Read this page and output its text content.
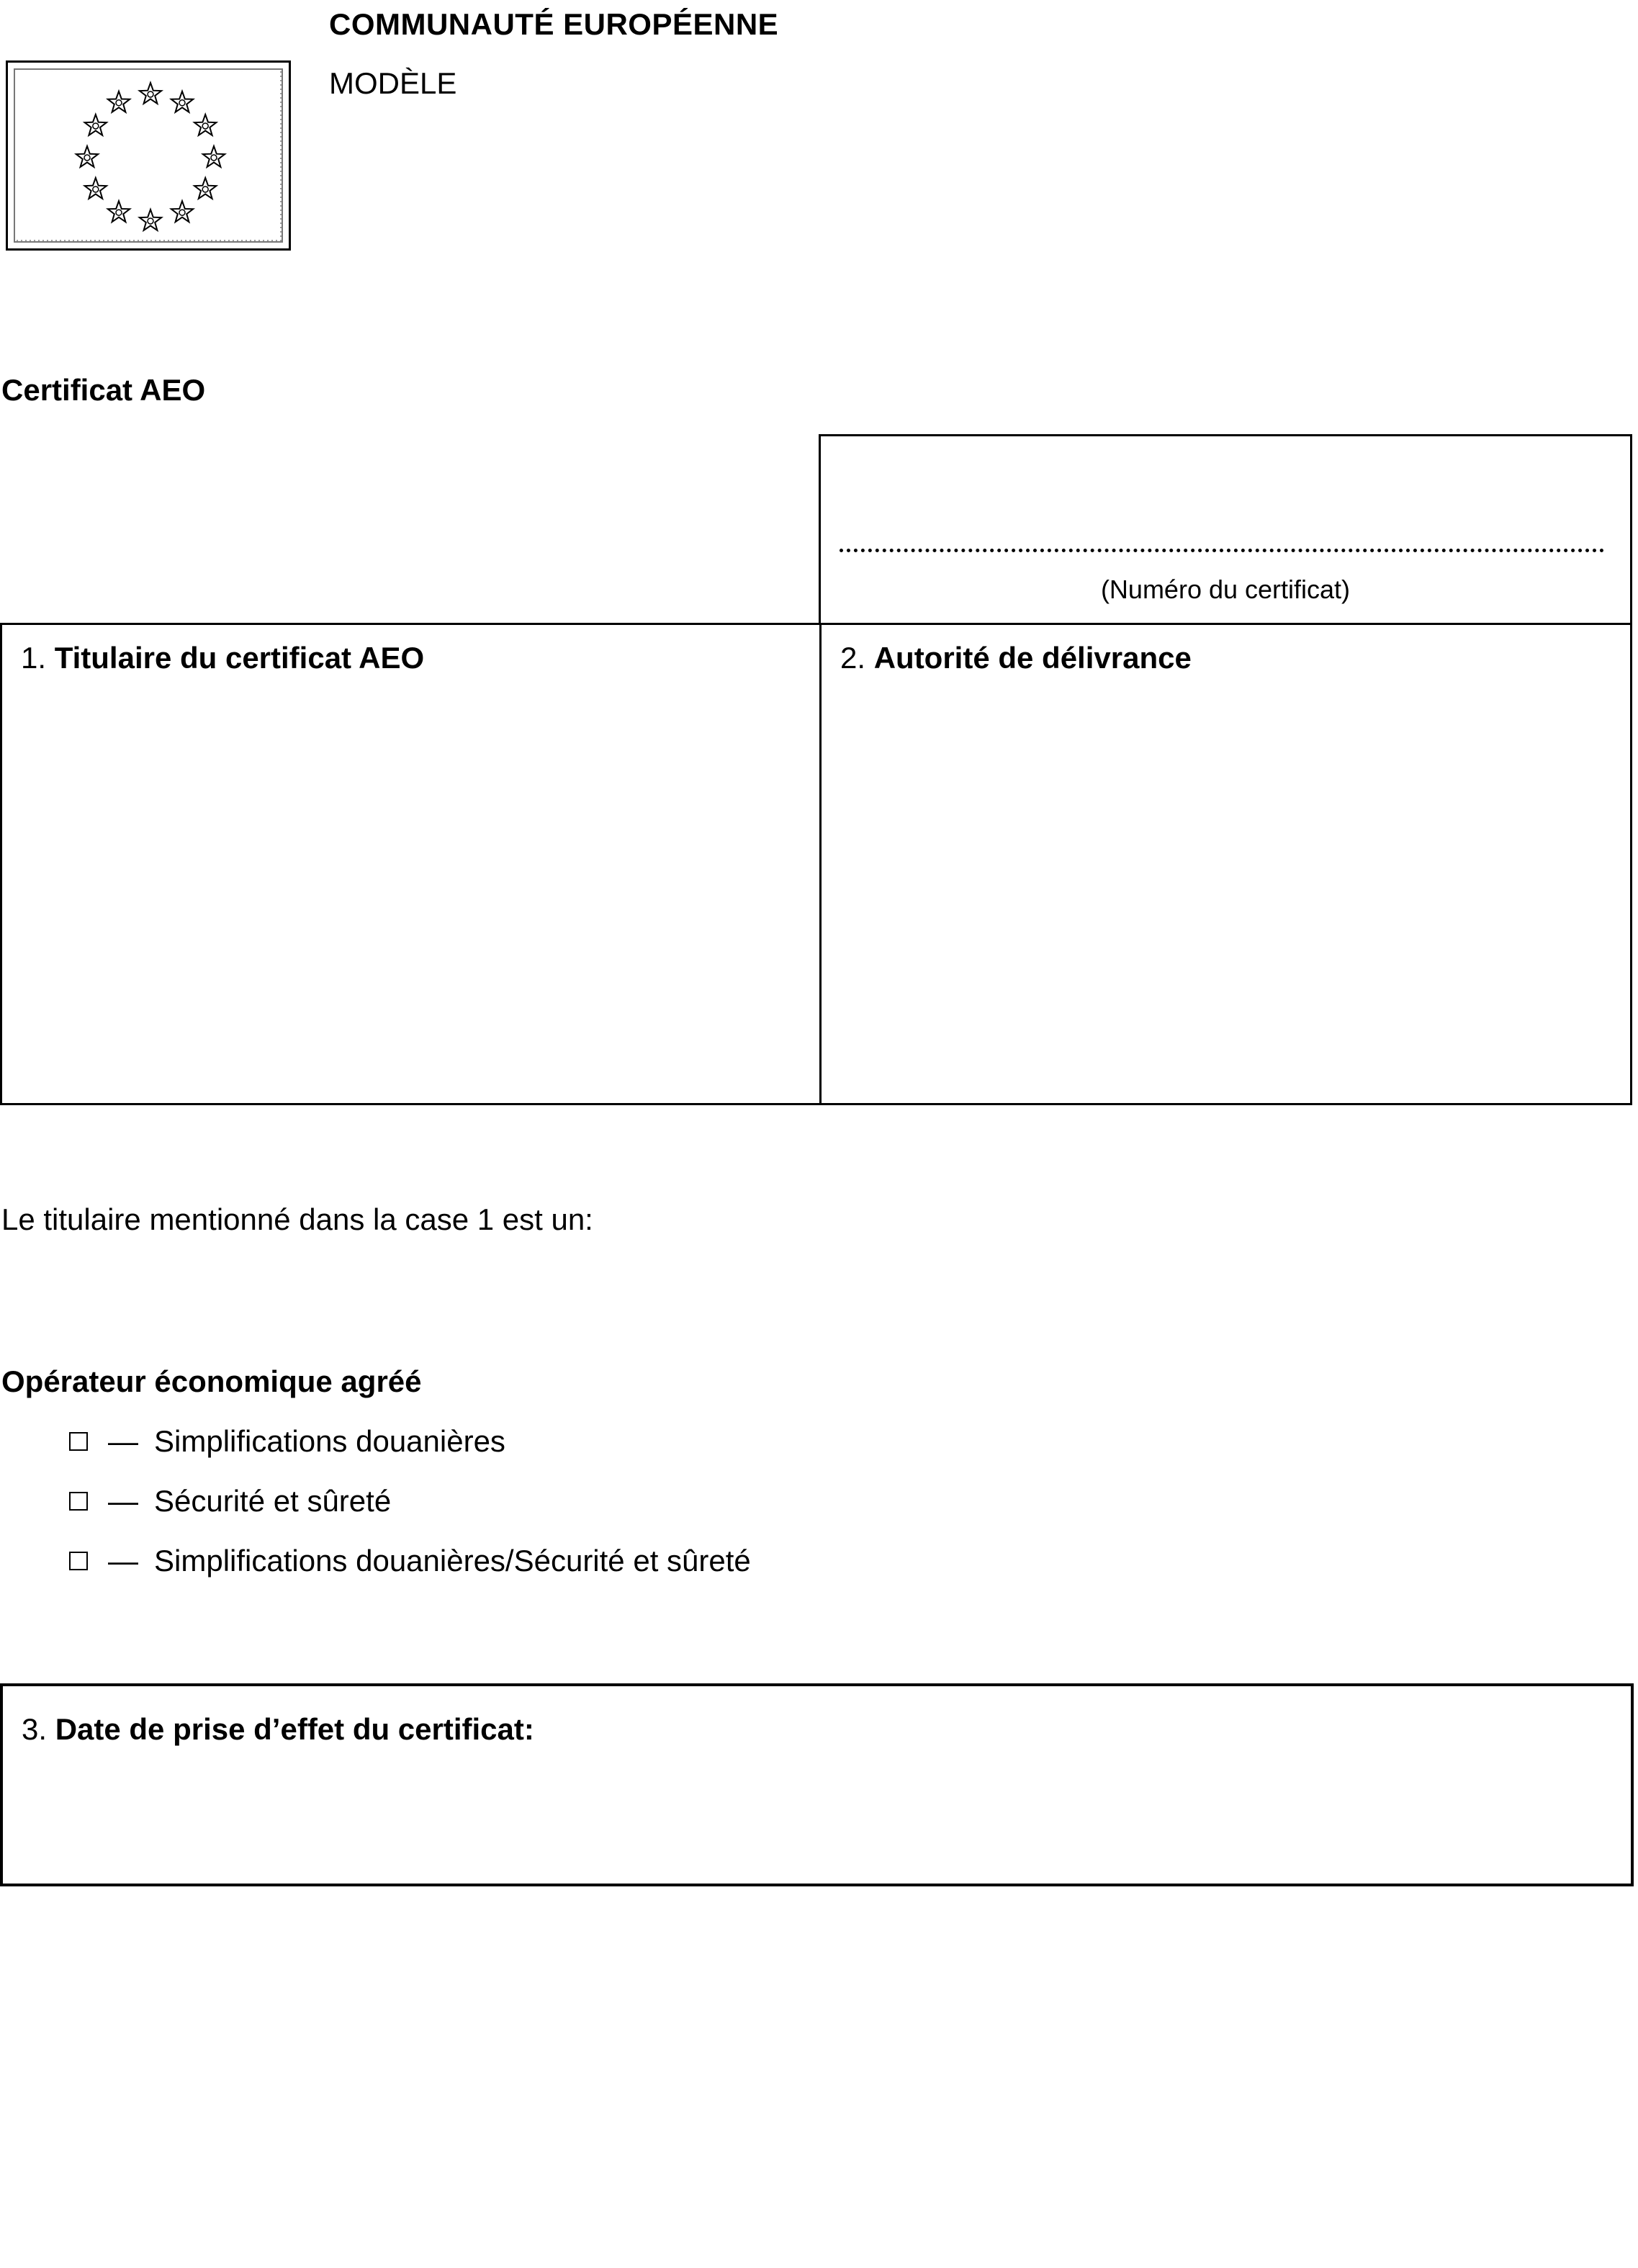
COMMUNAUTÉ EUROPÉENNE
MODÈLE
Certificat AEO
(Numéro du certificat)
1. Titulaire du certificat AEO	2. Autorité de délivrance
Le titulaire mentionné dans la case 1 est un:
Opérateur économique agréé
— Simplifications douanières
— Sécurité et sûreté
— Simplifications douanières/Sécurité et sûreté
3. Date de prise d’effet du certificat:
